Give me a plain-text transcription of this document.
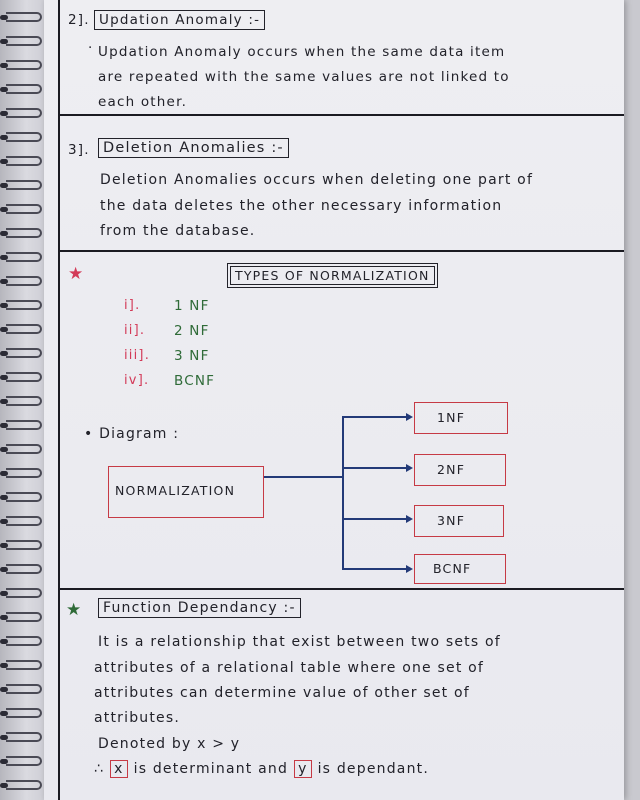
2]. Updation Anomaly :-
· Updation Anomaly occurs when the same data item
are repeated with the same values are not linked to
each other.
3]. Deletion Anomalies :-
Deletion Anomalies occurs when deleting one part of
the data deletes the other necessary information
from the database.
★	TYPES OF NORMALIZATION
i]. 1 NF
ii]. 2 NF
iii]. 3 NF
iv]. BCNF
• Diagram :
NORMALIZATION
1NF
2NF
3NF
BCNF
★	Function Dependancy :-
It is a relationship that exist between two sets of
attributes of a relational table where one set of
attributes can determine value of other set of
attributes.
Denoted by x > y
∴ x is determinant and y is dependant.
